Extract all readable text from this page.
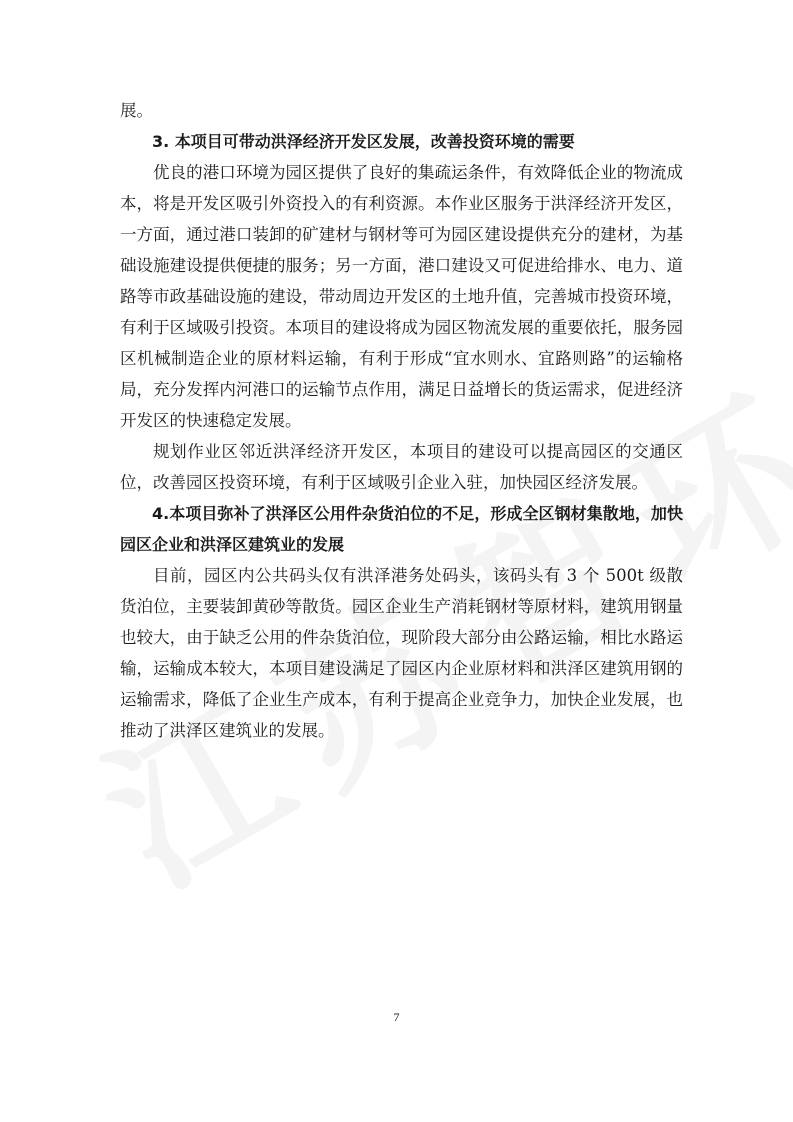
展。

3. 本项目可带动洪泽经济开发区发展，改善投资环境的需要

优良的港口环境为园区提供了良好的集疏运条件，有效降低企业的物流成本，将是开发区吸引外资投入的有利资源。本作业区服务于洪泽经济开发区，一方面，通过港口装卸的矿建材与钢材等可为园区建设提供充分的建材，为基础设施建设提供便捷的服务；另一方面，港口建设又可促进给排水、电力、道路等市政基础设施的建设，带动周边开发区的土地升值，完善城市投资环境，有利于区域吸引投资。本项目的建设将成为园区物流发展的重要依托，服务园区机械制造企业的原材料运输，有利于形成“宜水则水、宜路则路”的运输格局，充分发挥内河港口的运输节点作用，满足日益增长的货运需求，促进经济开发区的快速稳定发展。

规划作业区邻近洪泽经济开发区，本项目的建设可以提高园区的交通区位，改善园区投资环境，有利于区域吸引企业入驻，加快园区经济发展。

4.本项目弥补了洪泽区公用件杂货泊位的不足，形成全区钢材集散地，加快园区企业和洪泽区建筑业的发展

目前，园区内公共码头仅有洪泽港务处码头，该码头有 3 个 500t 级散货泊位，主要装卸黄砂等散货。园区企业生产消耗钢材等原材料，建筑用钢量也较大，由于缺乏公用的件杂货泊位，现阶段大部分由公路运输，相比水路运输，运输成本较大，本项目建设满足了园区内企业原材料和洪泽区建筑用钢的运输需求，降低了企业生产成本，有利于提高企业竞争力，加快企业发展，也推动了洪泽区建筑业的发展。

7
